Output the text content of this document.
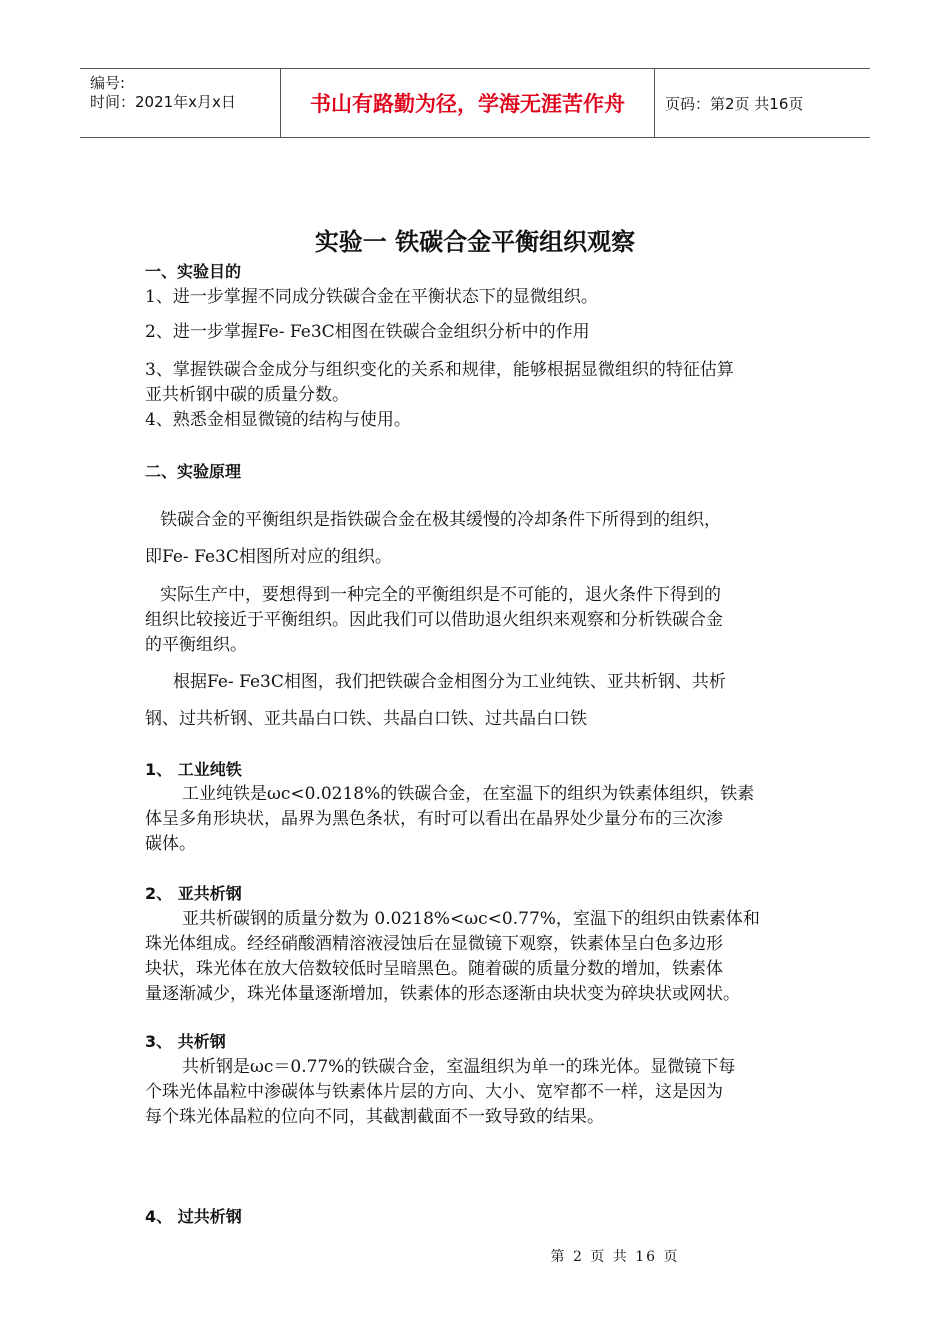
编号:
时间：2021年x月x日	书山有路勤为径，学海无涯苦作舟	页码：第2页 共16页
实验一 铁碳合金平衡组织观察
一、实验目的
1、进一步掌握不同成分铁碳合金在平衡状态下的显微组织。
2、进一步掌握Fe- Fe3C相图在铁碳合金组织分析中的作用
3、掌握铁碳合金成分与组织变化的关系和规律，能够根据显微组织的特征估算
亚共析钢中碳的质量分数。
4、熟悉金相显微镜的结构与使用。
二、实验原理
铁碳合金的平衡组织是指铁碳合金在极其缓慢的冷却条件下所得到的组织，
即Fe- Fe3C相图所对应的组织。
实际生产中，要想得到一种完全的平衡组织是不可能的，退火条件下得到的
组织比较接近于平衡组织。因此我们可以借助退火组织来观察和分析铁碳合金
的平衡组织。
根据Fe- Fe3C相图，我们把铁碳合金相图分为工业纯铁、亚共析钢、共析
钢、过共析钢、亚共晶白口铁、共晶白口铁、过共晶白口铁
1、 工业纯铁
工业纯铁是ωc<0.0218%的铁碳合金，在室温下的组织为铁素体组织，铁素
体呈多角形块状，晶界为黑色条状，有时可以看出在晶界处少量分布的三次渗
碳体。
2、 亚共析钢
亚共析碳钢的质量分数为 0.0218%<ωc<0.77%，室温下的组织由铁素体和
珠光体组成。经经硝酸酒精溶液浸蚀后在显微镜下观察，铁素体呈白色多边形
块状，珠光体在放大倍数较低时呈暗黑色。随着碳的质量分数的增加，铁素体
量逐渐减少，珠光体量逐渐增加，铁素体的形态逐渐由块状变为碎块状或网状。
3、 共析钢
共析钢是ωc＝0.77%的铁碳合金，室温组织为单一的珠光体。显微镜下每
个珠光体晶粒中渗碳体与铁素体片层的方向、大小、宽窄都不一样，这是因为
每个珠光体晶粒的位向不同，其截割截面不一致导致的结果。
4、 过共析钢
第 2 页 共 16 页
